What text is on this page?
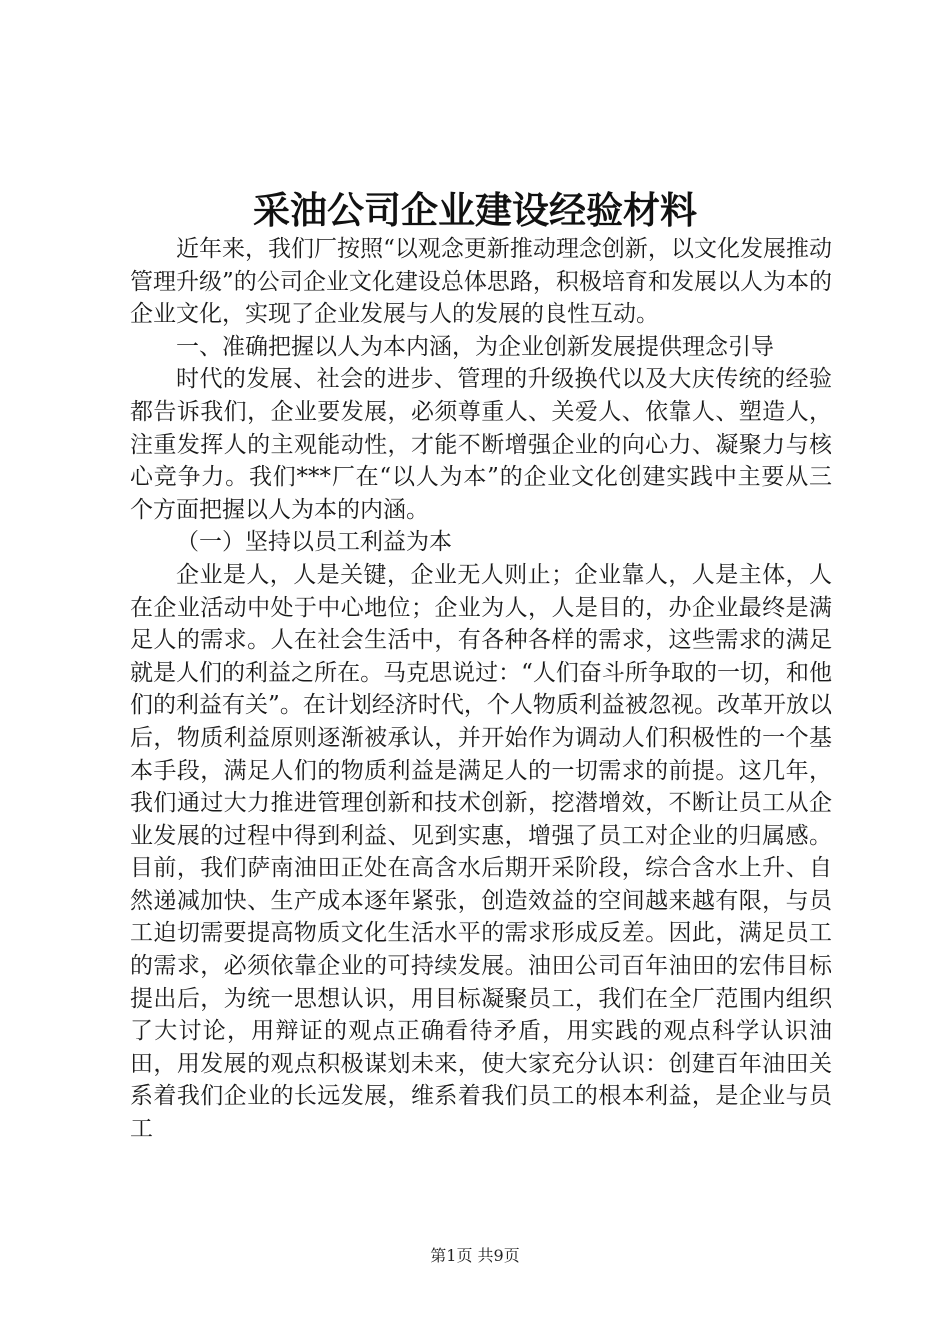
采油公司企业建设经验材料

近年来，我们厂按照“以观念更新推动理念创新，以文化发展推动管理升级”的公司企业文化建设总体思路，积极培育和发展以人为本的企业文化，实现了企业发展与人的发展的良性互动。

一、准确把握以人为本内涵，为企业创新发展提供理念引导

时代的发展、社会的进步、管理的升级换代以及大庆传统的经验都告诉我们，企业要发展，必须尊重人、关爱人、依靠人、塑造人，注重发挥人的主观能动性，才能不断增强企业的向心力、凝聚力与核心竞争力。我们***厂在“以人为本”的企业文化创建实践中主要从三个方面把握以人为本的内涵。

（一）坚持以员工利益为本

企业是人，人是关键，企业无人则止；企业靠人，人是主体，人在企业活动中处于中心地位；企业为人，人是目的，办企业最终是满足人的需求。人在社会生活中，有各种各样的需求，这些需求的满足就是人们的利益之所在。马克思说过：“人们奋斗所争取的一切，和他们的利益有关”。在计划经济时代，个人物质利益被忽视。改革开放以后，物质利益原则逐渐被承认，并开始作为调动人们积极性的一个基本手段，满足人们的物质利益是满足人的一切需求的前提。这几年，我们通过大力推进管理创新和技术创新，挖潜增效，不断让员工从企业发展的过程中得到利益、见到实惠，增强了员工对企业的归属感。目前，我们萨南油田正处在高含水后期开采阶段，综合含水上升、自然递减加快、生产成本逐年紧张，创造效益的空间越来越有限，与员工迫切需要提高物质文化生活水平的需求形成反差。因此，满足员工的需求，必须依靠企业的可持续发展。油田公司百年油田的宏伟目标提出后，为统一思想认识，用目标凝聚员工，我们在全厂范围内组织了大讨论，用辩证的观点正确看待矛盾，用实践的观点科学认识油田，用发展的观点积极谋划未来，使大家充分认识：创建百年油田关系着我们企业的长远发展，维系着我们员工的根本利益，是企业与员工

第1页 共9页
